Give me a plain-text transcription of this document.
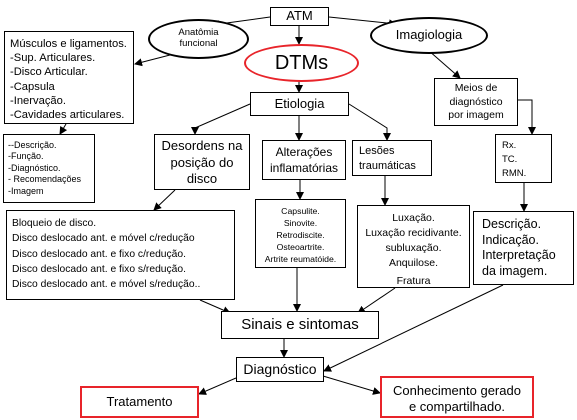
ATM
Anatômia
funcional
Imagiologia
DTMs
Etiologia
Músculos e ligamentos.
-Sup. Articulares.
-Disco Articular.
-Capsula
-Inervação.
-Cavidades articulares.
--Descrição.
-Função.
-Diagnóstico.
- Recomendações
-Imagem
Meios de
diagnóstico
por imagem
Rx.
TC.
RMN.
Desordens na
posição do
disco
Alterações
inflamatórias
Lesões
traumáticas
Bloqueio de disco.
Disco deslocado ant. e móvel c/redução
Disco deslocado ant. e fixo c/redução.
Disco deslocado ant. e fixo s/redução.
Disco deslocado ant. e móvel s/redução..
Capsulite.
Sinovite.
Retrodiscite.
Osteoartrite.
Artrite reumatóide.
Luxação.
Luxação recidivante.
subluxação.
Anquilose.
Fratura
Descrição.
Indicação.
Interpretação
da imagem.
Sinais e sintomas
Diagnóstico
Tratamento
Conhecimento gerado
e compartilhado.
